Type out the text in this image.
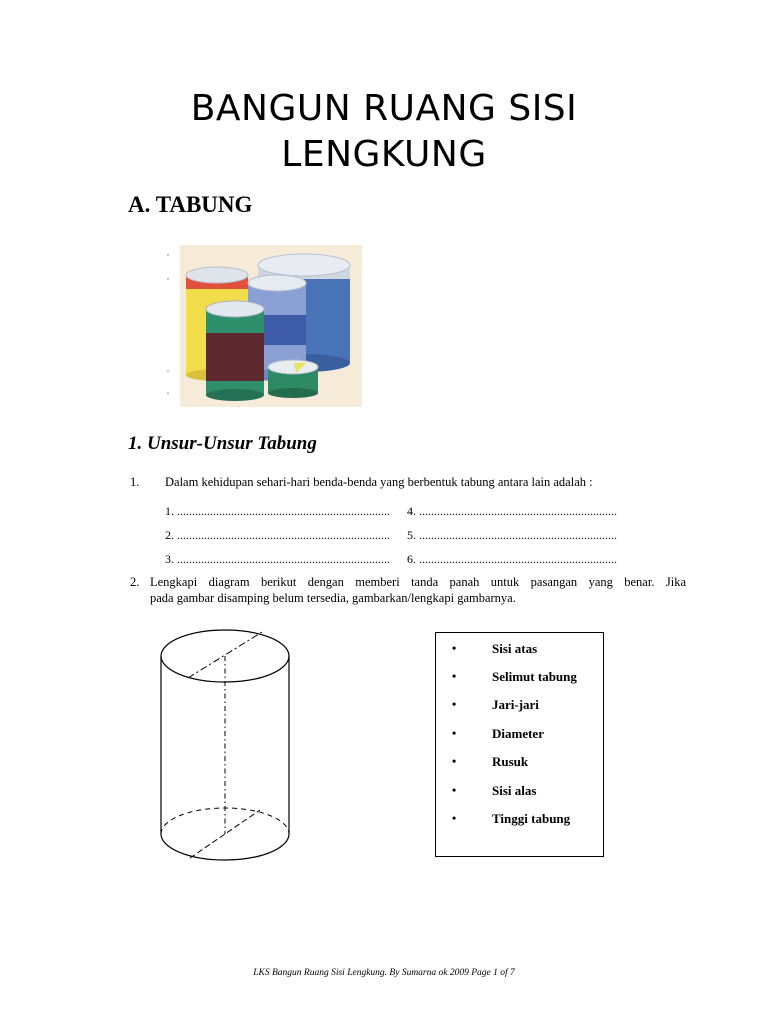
BANGUN RUANG SISI
LENGKUNG
A. TABUNG
1. Unsur-Unsur Tabung
1. Dalam kehidupan sehari-hari benda-benda yang berbentuk tabung antara lain adalah :
1. .......................................................................
2. .......................................................................
3. .......................................................................
4. ..................................................................
5. ..................................................................
6. ..................................................................
2. Lengkapi diagram berikut dengan memberi tanda panah untuk pasangan yang benar. Jika
pada gambar disamping belum tersedia, gambarkan/lengkapi gambarnya.
•	Sisi atas
•	Selimut tabung
•	Jari-jari
•	Diameter
•	Rusuk
•	Sisi alas
•	Tinggi tabung
LKS Bangun Ruang Sisi Lengkung. By Sumarna ok 2009 Page 1 of 7
